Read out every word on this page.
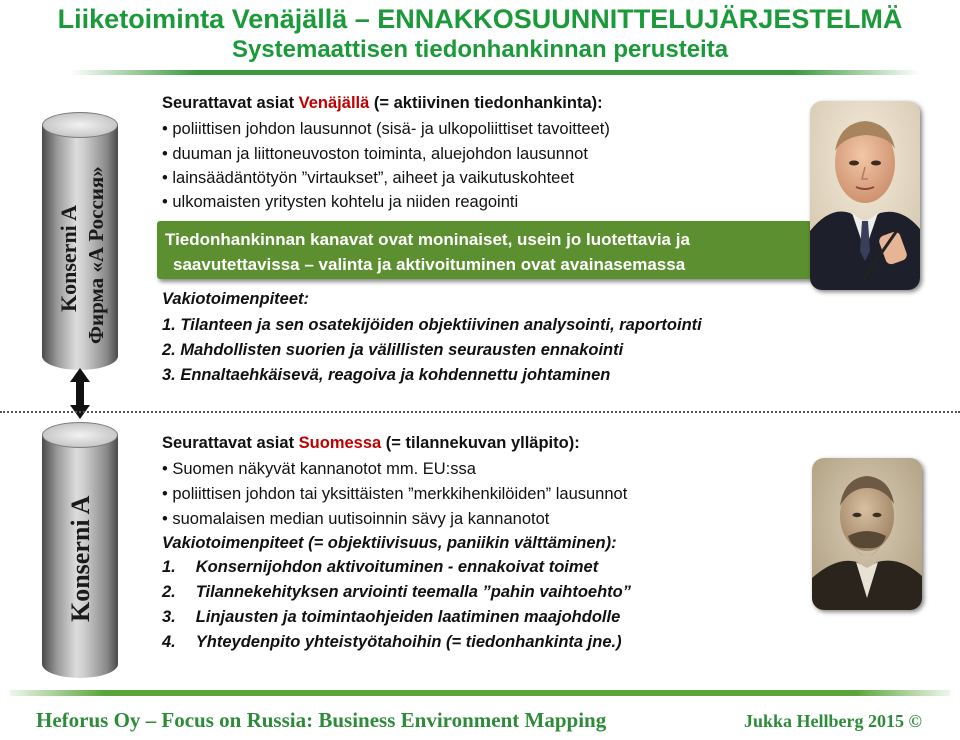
Liiketoiminta Venäjällä – ENNAKKOSUUNNITTELUJÄRJESTELMÄ
Systemaattisen tiedonhankinnan perusteita
Konserni A Фирма «А Россия»
Konserni A
Seurattavat asiat Venäjällä (= aktiivinen tiedonhankinta):
• poliittisen johdon lausunnot (sisä- ja ulkopoliittiset tavoitteet)
• duuman ja liittoneuvoston toiminta, aluejohdon lausunnot
• lainsäädäntötyön ”virtaukset”, aiheet ja vaikutuskohteet
• ulkomaisten yritysten kohtelu ja niiden reagointi
Tiedonhankinnan kanavat ovat moninaiset, usein jo luotettavia ja
saavutettavissa – valinta ja aktivoituminen ovat avainasemassa
Vakiotoimenpiteet:
1. Tilanteen ja sen osatekijöiden objektiivinen analysointi, raportointi
2. Mahdollisten suorien ja välillisten seurausten ennakointi
3. Ennaltaehkäisevä, reagoiva ja kohdennettu johtaminen
Seurattavat asiat Suomessa (= tilannekuvan ylläpito):
• Suomen näkyvät kannanotot mm. EU:ssa
• poliittisen johdon tai yksittäisten ”merkkihenkilöiden” lausunnot
• suomalaisen median uutisoinnin sävy ja kannanotot
Vakiotoimenpiteet (= objektiivisuus, paniikin välttäminen):
1. Konsernijohdon aktivoituminen - ennakoivat toimet
2. Tilannekehityksen arviointi teemalla ”pahin vaihtoehto”
3. Linjausten ja toimintaohjeiden laatiminen maajohdolle
4. Yhteydenpito yhteistyötahoihin (= tiedonhankinta jne.)
Heforus Oy – Focus on Russia: Business Environment Mapping	Jukka Hellberg 2015 ©
